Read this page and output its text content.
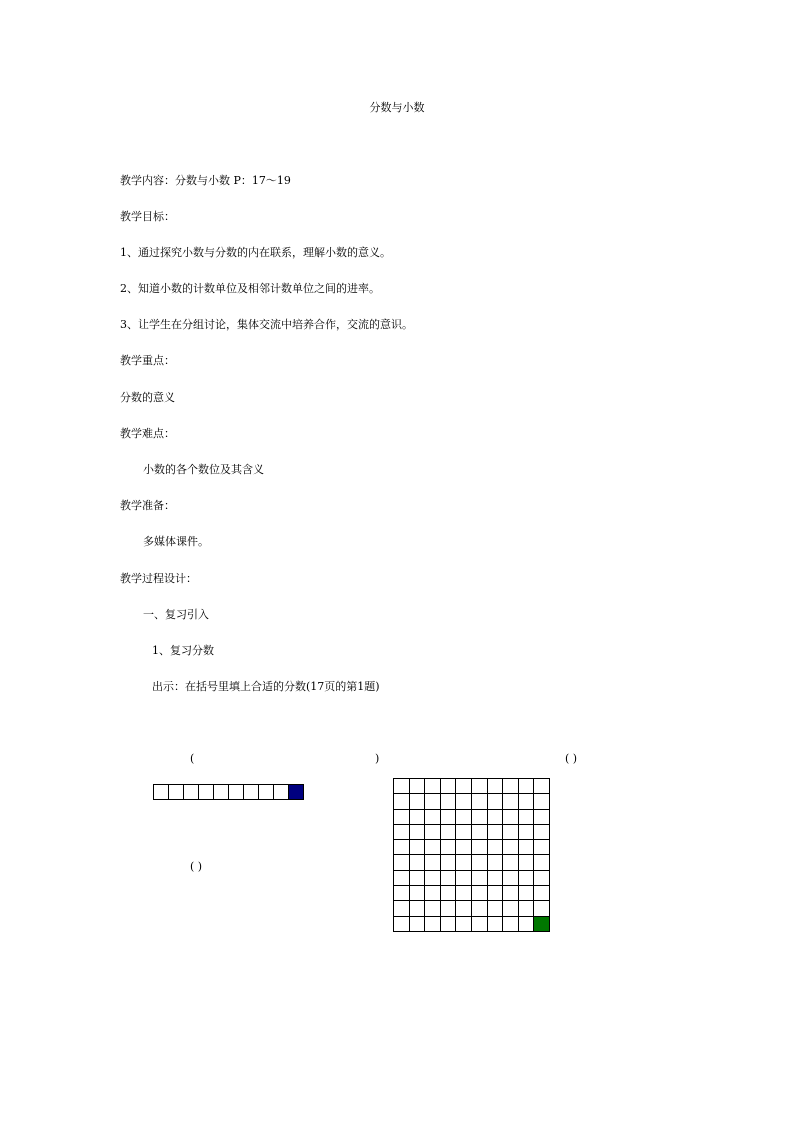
分数与小数
教学内容：分数与小数 P：17～19
教学目标：
1、通过探究小数与分数的内在联系，理解小数的意义。
2、知道小数的计数单位及相邻计数单位之间的进率。
3、让学生在分组讨论，集体交流中培养合作，交流的意识。
教学重点：
分数的意义
教学难点：
小数的各个数位及其含义
教学准备：
多媒体课件。
教学过程设计：
一、复习引入
1、复习分数
出示：在括号里填上合适的分数(17页的第1题)
(	)	( )
( )
